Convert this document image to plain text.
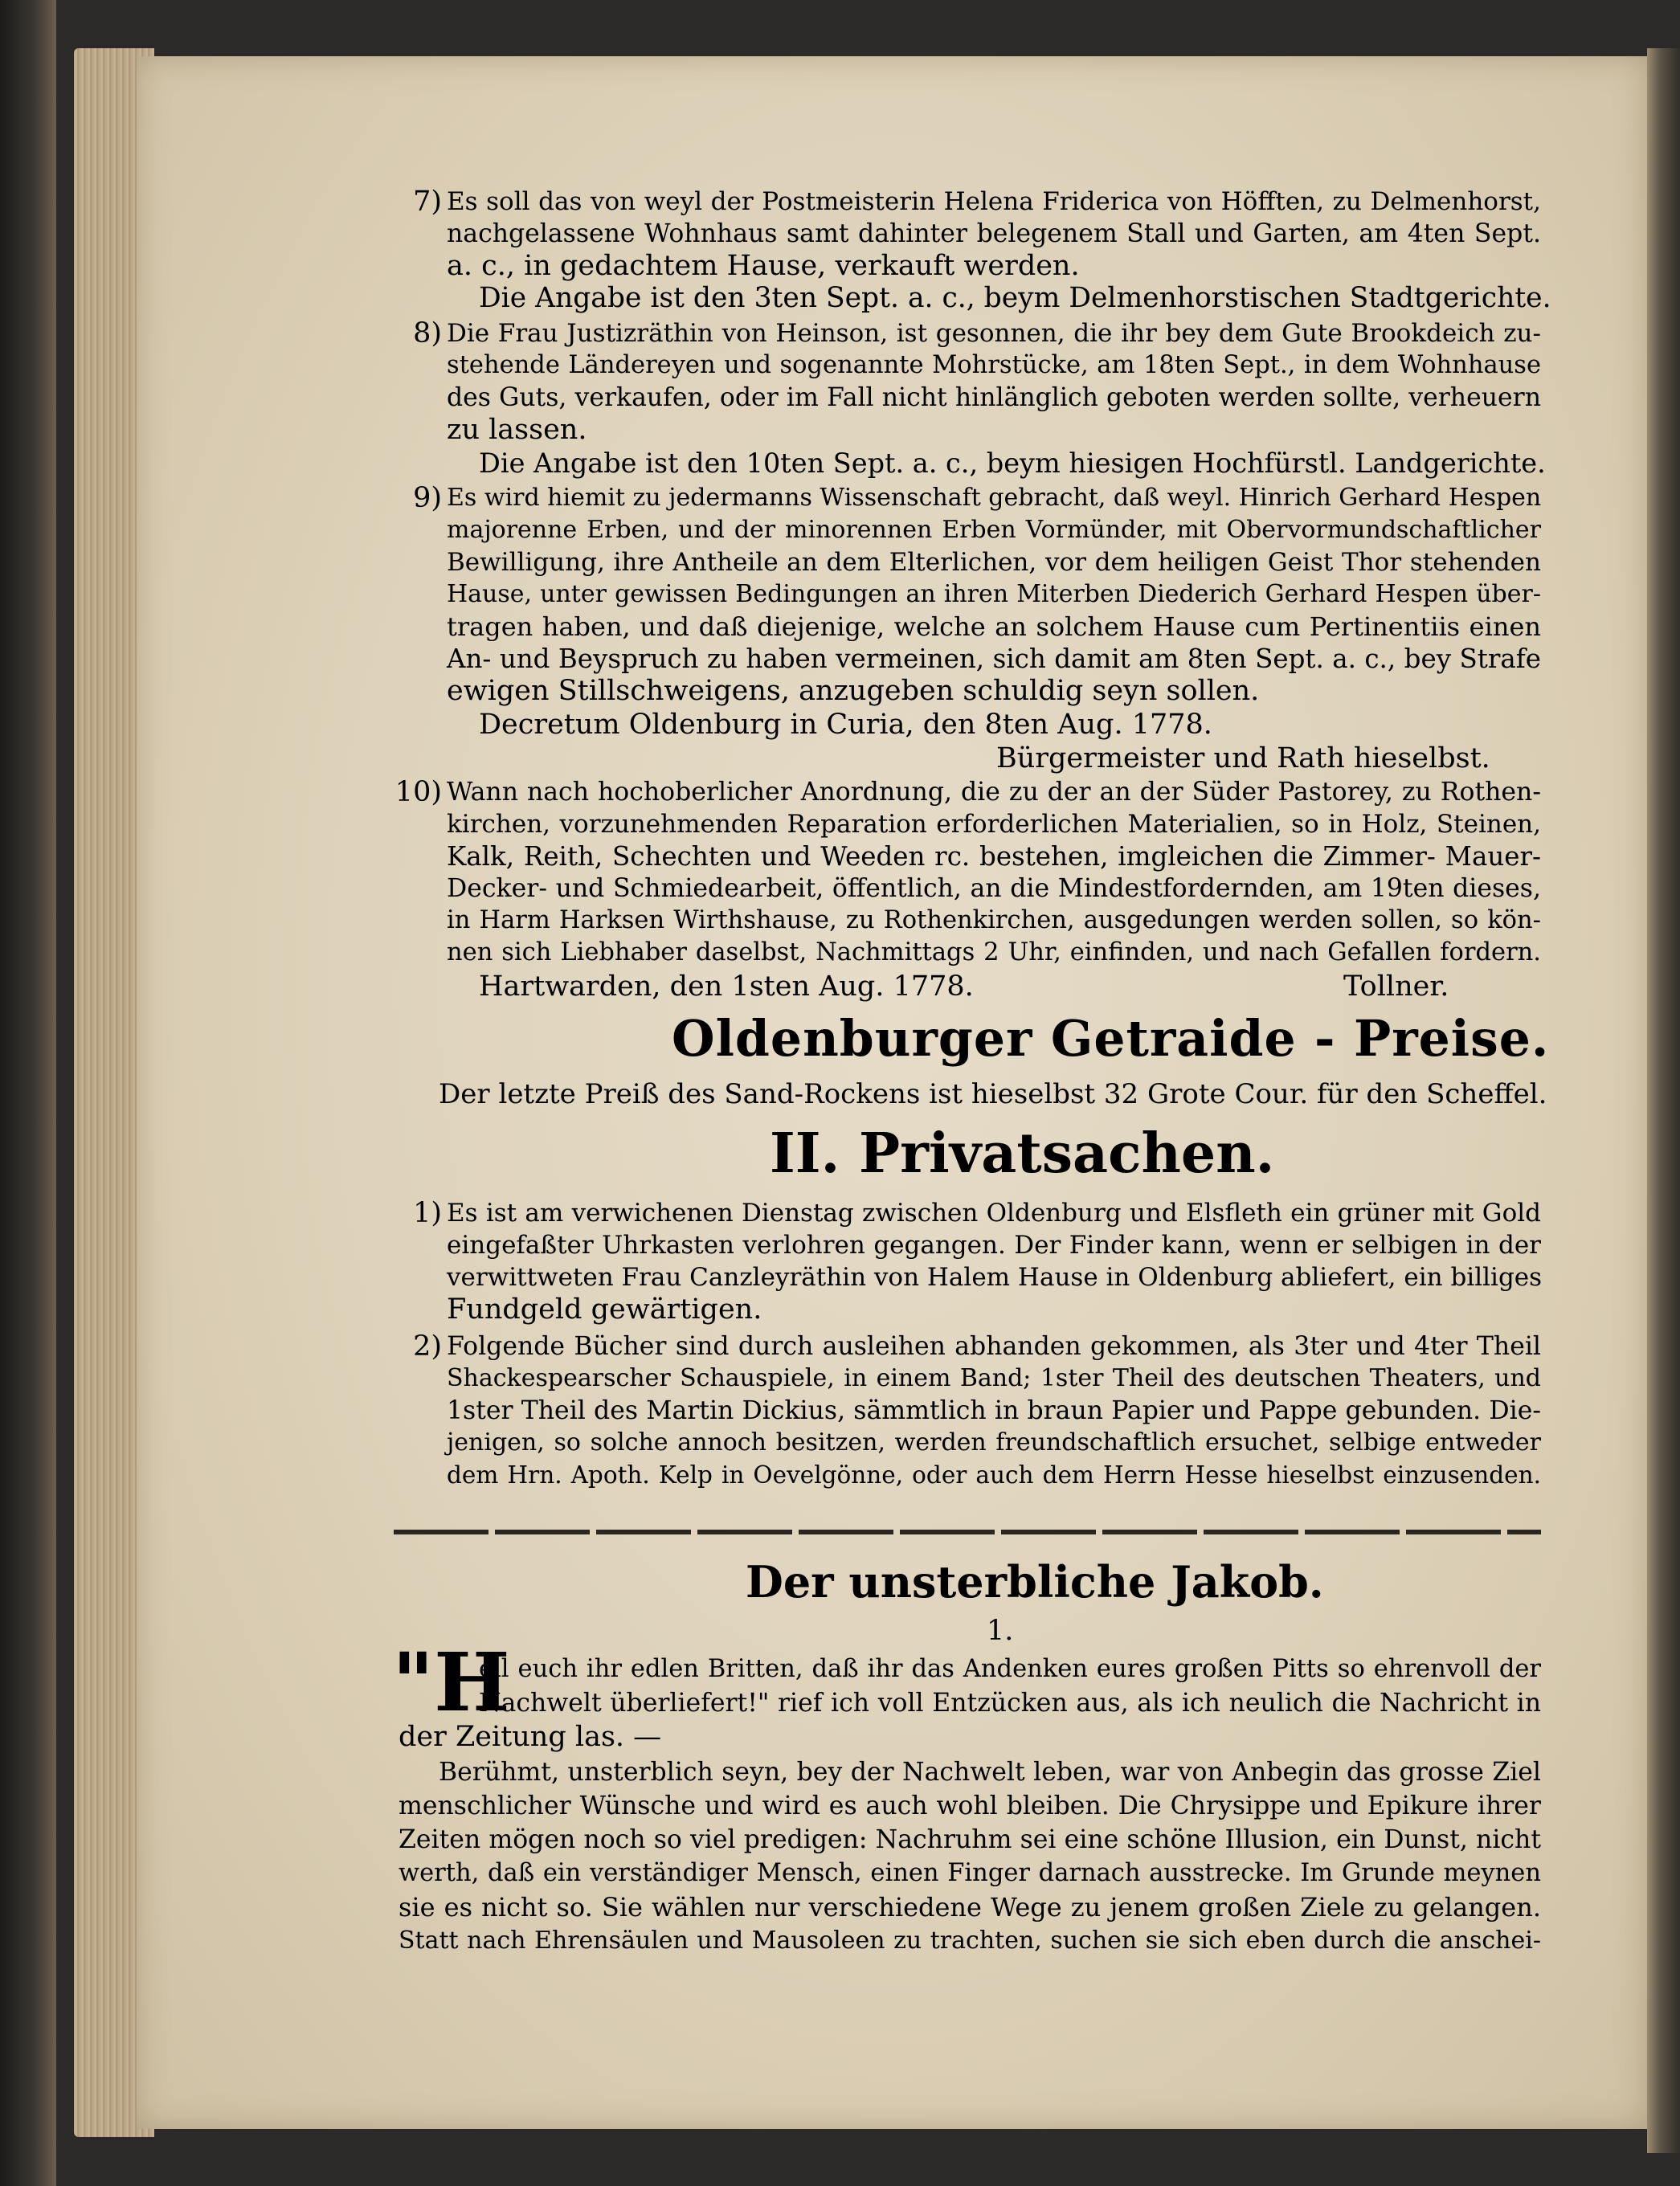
7) Es soll das von weyl der Postmeisterin Helena Friderica von Höfften, zu Delmenhorst,

nachgelassene Wohnhaus samt dahinter belegenem Stall und Garten, am 4ten Sept.

a. c., in gedachtem Hause, verkauft werden.
Die Angabe ist den 3ten Sept. a. c., beym Delmenhorstischen Stadtgerichte.
8) Die Frau Justizräthin von Heinson, ist gesonnen, die ihr bey dem Gute Brookdeich zu-

stehende Ländereyen und sogenannte Mohrstücke, am 18ten Sept., in dem Wohnhause

des Guts, verkaufen, oder im Fall nicht hinlänglich geboten werden sollte, verheuern

zu lassen.
Die Angabe ist den 10ten Sept. a. c., beym hiesigen Hochfürstl. Landgerichte.
9) Es wird hiemit zu jedermanns Wissenschaft gebracht, daß weyl. Hinrich Gerhard Hespen

majorenne Erben, und der minorennen Erben Vormünder, mit Obervormundschaftlicher

Bewilligung, ihre Antheile an dem Elterlichen, vor dem heiligen Geist Thor stehenden

Hause, unter gewissen Bedingungen an ihren Miterben Diederich Gerhard Hespen über-

tragen haben, und daß diejenige, welche an solchem Hause cum Pertinentiis einen

An- und Beyspruch zu haben vermeinen, sich damit am 8ten Sept. a. c., bey Strafe

ewigen Stillschweigens, anzugeben schuldig seyn sollen.
Decretum Oldenburg in Curia, den 8ten Aug. 1778.
Bürgermeister und Rath hieselbst.
10) Wann nach hochoberlicher Anordnung, die zu der an der Süder Pastorey, zu Rothen-

kirchen, vorzunehmenden Reparation erforderlichen Materialien, so in Holz, Steinen,

Kalk, Reith, Schechten und Weeden rc. bestehen, imgleichen die Zimmer- Mauer-

Decker- und Schmiedearbeit, öffentlich, an die Mindestfordernden, am 19ten dieses,

in Harm Harksen Wirthshause, zu Rothenkirchen, ausgedungen werden sollen, so kön-

nen sich Liebhaber daselbst, Nachmittags 2 Uhr, einfinden, und nach Gefallen fordern.

Hartwarden, den 1sten Aug. 1778.	Tollner.
Oldenburger Getraide - Preise.
Der letzte Preiß des Sand-Rockens ist hieselbst 32 Grote Cour. für den Scheffel.
II. Privatsachen.
1) Es ist am verwichenen Dienstag zwischen Oldenburg und Elsfleth ein grüner mit Gold

eingefaßter Uhrkasten verlohren gegangen. Der Finder kann, wenn er selbigen in der

verwittweten Frau Canzleyräthin von Halem Hause in Oldenburg abliefert, ein billiges

Fundgeld gewärtigen.
2) Folgende Bücher sind durch ausleihen abhanden gekommen, als 3ter und 4ter Theil

Shackespearscher Schauspiele, in einem Band; 1ster Theil des deutschen Theaters, und

1ster Theil des Martin Dickius, sämmtlich in braun Papier und Pappe gebunden. Die-

jenigen, so solche annoch besitzen, werden freundschaftlich ersuchet, selbige entweder

dem Hrn. Apoth. Kelp in Oevelgönne, oder auch dem Herrn Hesse hieselbst einzusenden.

Der unsterbliche Jakob.
1.
"H

eil euch ihr edlen Britten, daß ihr das Andenken eures großen Pitts so ehrenvoll der

Nachwelt überliefert!" rief ich voll Entzücken aus, als ich neulich die Nachricht in

der Zeitung las. —

Berühmt, unsterblich seyn, bey der Nachwelt leben, war von Anbegin das grosse Ziel

menschlicher Wünsche und wird es auch wohl bleiben. Die Chrysippe und Epikure ihrer

Zeiten mögen noch so viel predigen: Nachruhm sei eine schöne Illusion, ein Dunst, nicht

werth, daß ein verständiger Mensch, einen Finger darnach ausstrecke. Im Grunde meynen

sie es nicht so. Sie wählen nur verschiedene Wege zu jenem großen Ziele zu gelangen.

Statt nach Ehrensäulen und Mausoleen zu trachten, suchen sie sich eben durch die anschei-
